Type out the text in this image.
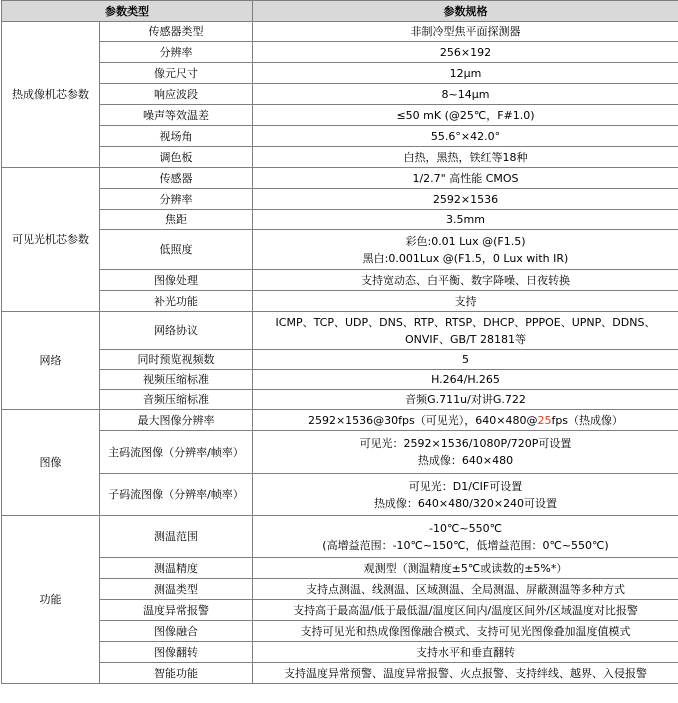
参数类型		参数规格
热成像机芯参数	传感器类型	非制冷型焦平面探测器
	分辨率	256×192
	像元尺寸	12μm
	响应波段	8~14μm
	噪声等效温差	≤50 mK (@25℃，F#1.0)
	视场角	55.6°×42.0°
	调色板	白热，黑热，铁红等18种
可见光机芯参数	传感器	1/2.7" 高性能 CMOS
	分辨率	2592×1536
	焦距	3.5mm
	低照度	彩色:0.01 Lux @(F1.5)
黑白:0.001Lux @(F1.5，0 Lux with IR)

	图像处理	支持宽动态、白平衡、数字降噪、日夜转换
	补光功能	支持
网络	网络协议	ICMP、TCP、UDP、DNS、RTP、RTSP、DHCP、PPPOE、UPNP、DDNS、
ONVIF、GB/T 28181等

	同时预览视频数	5
	视频压缩标准	H.264/H.265
	音频压缩标准	音频G.711u/对讲G.722
图像	最大图像分辨率	2592×1536@30fps（可见光），640×480@25fps（热成像）
	主码流图像（分辨率/帧率）	可见光：2592×1536/1080P/720P可设置
热成像：640×480

	子码流图像（分辨率/帧率）	可见光：D1/CIF可设置
热成像：640×480/320×240可设置

功能	测温范围	-10℃~550℃
(高增益范围：-10℃~150℃，低增益范围：0℃~550℃)

	测温精度	观测型（测温精度±5℃或读数的±5%*）
	测温类型	支持点测温、线测温、区域测温、全局测温、屏蔽测温等多种方式
	温度异常报警	支持高于最高温/低于最低温/温度区间内/温度区间外/区域温度对比报警
	图像融合	支持可见光和热成像图像融合模式、支持可见光图像叠加温度值模式
	图像翻转	支持水平和垂直翻转
	智能功能	支持温度异常预警、温度异常报警、火点报警、支持绊线、越界、入侵报警
